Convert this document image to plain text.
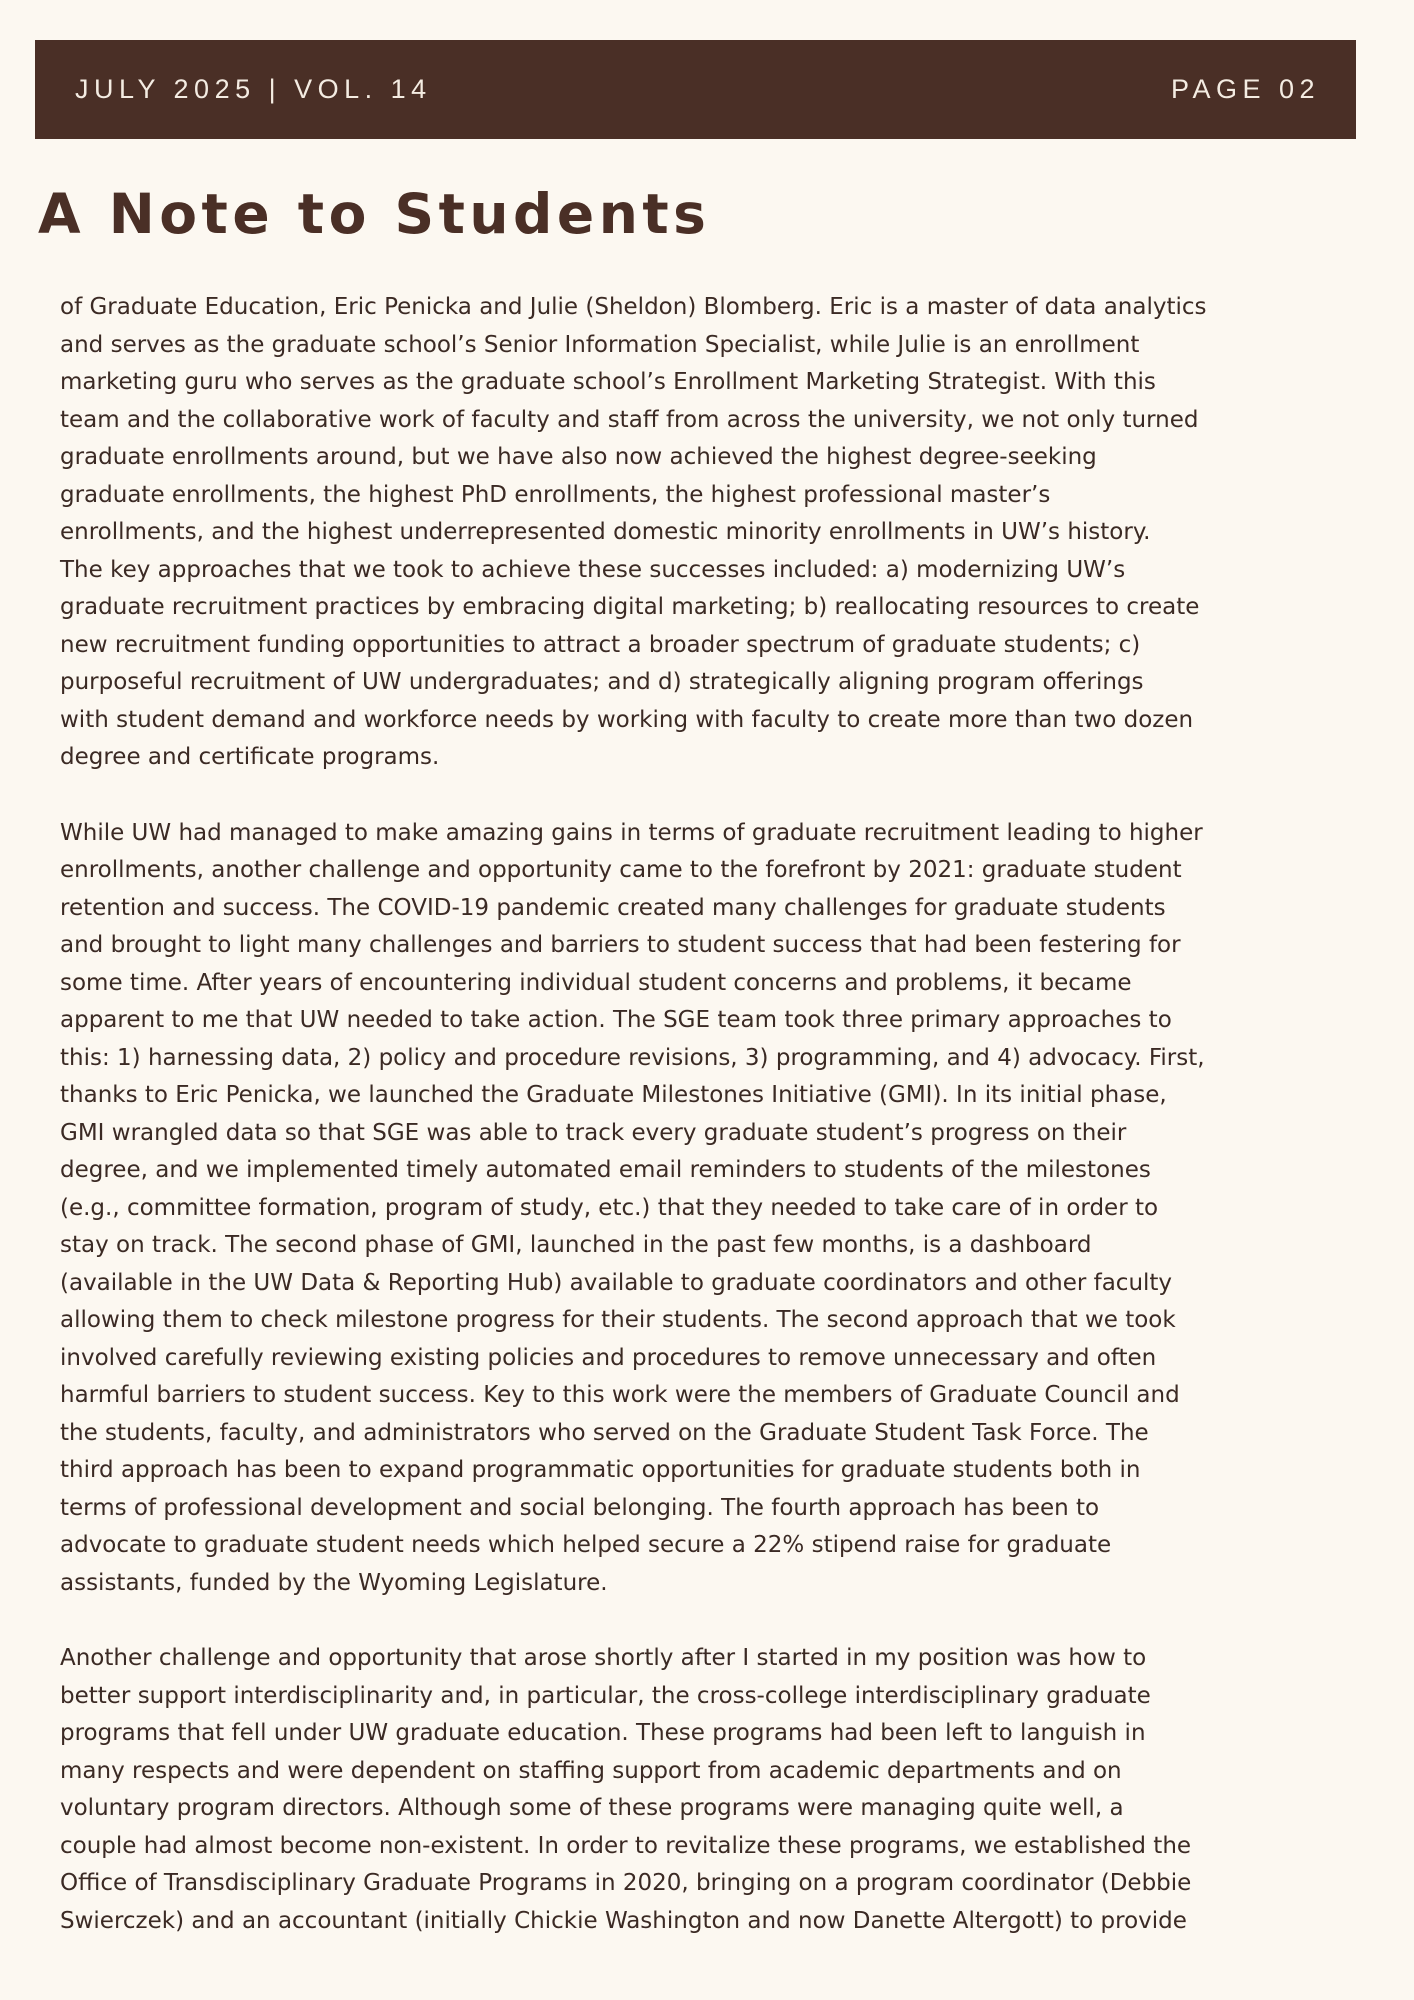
JULY 2025 | VOL. 14	PAGE 02
A Note to Students

of Graduate Education, Eric Penicka and Julie (Sheldon) Blomberg. Eric is a master of data analytics
and serves as the graduate school’s Senior Information Specialist, while Julie is an enrollment
marketing guru who serves as the graduate school’s Enrollment Marketing Strategist. With this
team and the collaborative work of faculty and staff from across the university, we not only turned
graduate enrollments around, but we have also now achieved the highest degree-seeking
graduate enrollments, the highest PhD enrollments, the highest professional master’s
enrollments, and the highest underrepresented domestic minority enrollments in UW’s history.
The key approaches that we took to achieve these successes included: a) modernizing UW’s
graduate recruitment practices by embracing digital marketing; b) reallocating resources to create
new recruitment funding opportunities to attract a broader spectrum of graduate students; c)
purposeful recruitment of UW undergraduates; and d) strategically aligning program offerings
with student demand and workforce needs by working with faculty to create more than two dozen
degree and certificate programs.

While UW had managed to make amazing gains in terms of graduate recruitment leading to higher
enrollments, another challenge and opportunity came to the forefront by 2021: graduate student
retention and success. The COVID-19 pandemic created many challenges for graduate students
and brought to light many challenges and barriers to student success that had been festering for
some time. After years of encountering individual student concerns and problems, it became
apparent to me that UW needed to take action. The SGE team took three primary approaches to
this: 1) harnessing data, 2) policy and procedure revisions, 3) programming, and 4) advocacy. First,
thanks to Eric Penicka, we launched the Graduate Milestones Initiative (GMI). In its initial phase,
GMI wrangled data so that SGE was able to track every graduate student’s progress on their
degree, and we implemented timely automated email reminders to students of the milestones
(e.g., committee formation, program of study, etc.) that they needed to take care of in order to
stay on track. The second phase of GMI, launched in the past few months, is a dashboard
(available in the UW Data & Reporting Hub) available to graduate coordinators and other faculty
allowing them to check milestone progress for their students. The second approach that we took
involved carefully reviewing existing policies and procedures to remove unnecessary and often
harmful barriers to student success. Key to this work were the members of Graduate Council and
the students, faculty, and administrators who served on the Graduate Student Task Force. The
third approach has been to expand programmatic opportunities for graduate students both in
terms of professional development and social belonging. The fourth approach has been to
advocate to graduate student needs which helped secure a 22% stipend raise for graduate
assistants, funded by the Wyoming Legislature.

Another challenge and opportunity that arose shortly after I started in my position was how to
better support interdisciplinarity and, in particular, the cross-college interdisciplinary graduate
programs that fell under UW graduate education. These programs had been left to languish in
many respects and were dependent on staffing support from academic departments and on
voluntary program directors. Although some of these programs were managing quite well, a
couple had almost become non-existent. In order to revitalize these programs, we established the
Office of Transdisciplinary Graduate Programs in 2020, bringing on a program coordinator (Debbie
Swierczek) and an accountant (initially Chickie Washington and now Danette Altergott) to provide
